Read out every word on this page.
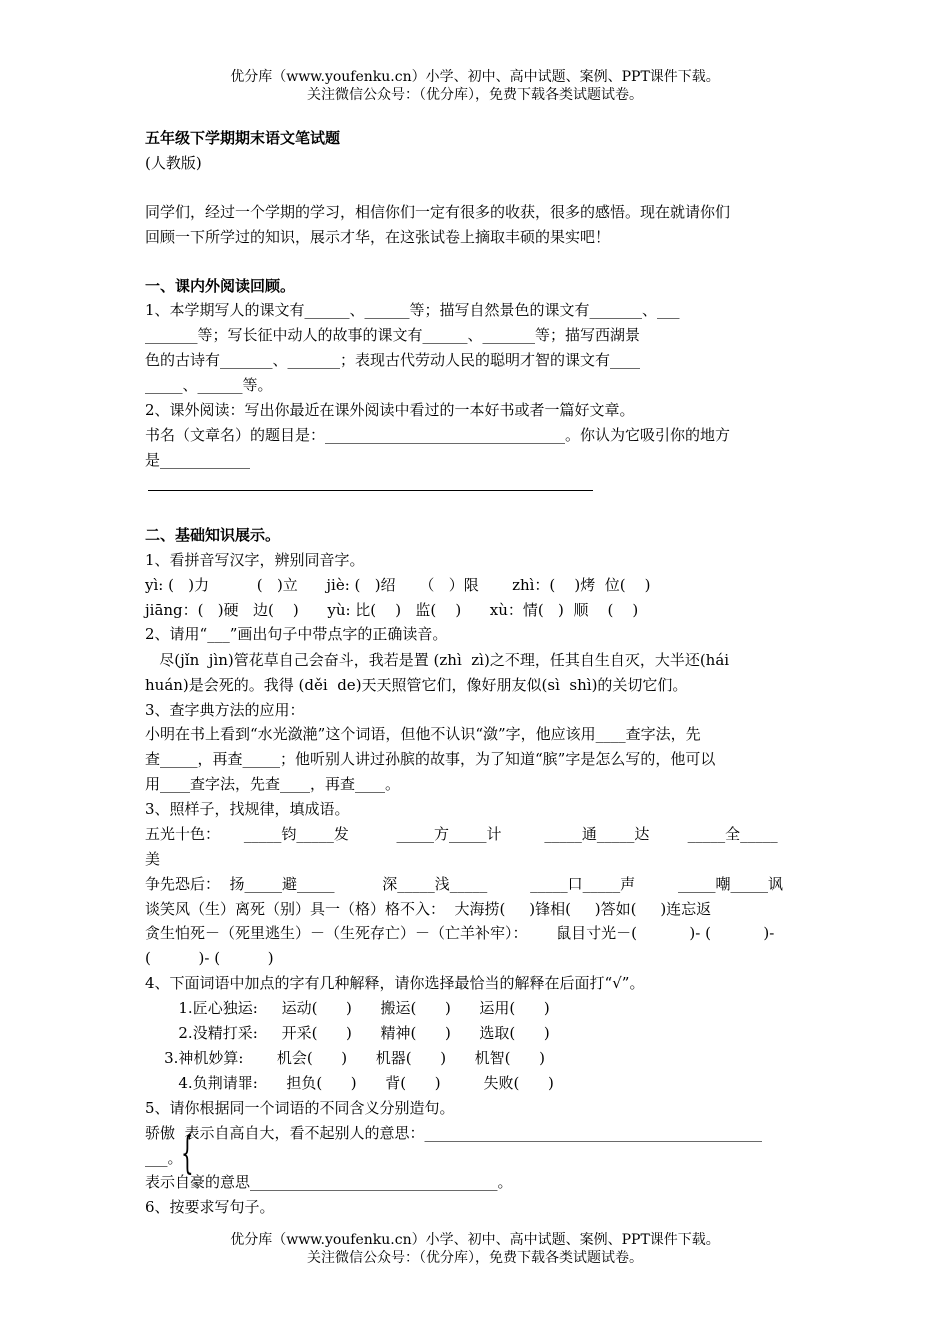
优分库（www.youfenku.cn）小学、初中、高中试题、案例、PPT课件下载。
关注微信公众号：（优分库），免费下载各类试题试卷。
五年级下学期期末语文笔试题
(人教版)
同学们，经过一个学期的学习，相信你们一定有很多的收获，很多的感悟。现在就请你们
回顾一下所学过的知识，展示才华，在这张试卷上摘取丰硕的果实吧！
一、课内外阅读回顾。
1、本学期写人的课文有______、______等；描写自然景色的课文有_______、___
_______等；写长征中动人的故事的课文有______、_______等；描写西湖景
色的古诗有_______、_______；表现古代劳动人民的聪明才智的课文有____
_____、______等。
2、课外阅读：写出你最近在课外阅读中看过的一本好书或者一篇好文章。
书名（文章名）的题目是：________________________________。你认为它吸引你的地方
是____________
二、基础知识展示。
1、看拼音写汉字，辨别同音字。
yì: (   )力          (   )立      jiè: (   )绍     （   ）限       zhì：(    )烤  位(    )
jiāng：(   )硬   边(    )      yù: 比(    )   监(    )      xù：情(   )  顺    (    )
2、请用“___”画出句子中带点字的正确读音。
尽(jǐn  jìn)管花草自己会奋斗，我若是置 (zhì  zì)之不理，任其自生自灭，大半还(hái
huán)是会死的。我得 (děi  de)天天照管它们，像好朋友似(sì  shì)的关切它们。
3、查字典方法的应用：
小明在书上看到“水光潋滟”这个词语，但他不认识“潋”字，他应该用____查字法，先
查_____，再查_____；他听别人讲过孙膑的故事，为了知道“膑”字是怎么写的，他可以
用____查字法，先查____，再查____。
3、照样子，找规律，填成语。
五光十色：     _____钧_____发          _____方_____计         _____通_____达        _____全_____
美
争先恐后：  扬_____避_____          深_____浅_____         _____口_____声         _____嘲_____讽
谈笑风（生）离死（别）具一（格）格不入：  大海捞(     )锋相(     )答如(     )连忘返
贪生怕死－（死里逃生）－（生死存亡）－（亡羊补牢）：      鼠目寸光－(           )- (           )-
(          )- (          )
4、下面词语中加点的字有几种解释，请你选择最恰当的解释在后面打“√”。
1.匠心独运:     运动(      )      搬运(      )      运用(      )
2.没精打采:     开采(      )      精神(      )      选取(      )
3.神机妙算:       机会(      )      机器(      )      机智(      )
4.负荆请罪:      担负(      )      背(      )         失败(      )
5、请你根据同一个词语的不同含义分别造句。
骄傲  表示自高自大，看不起别人的意思：_____________________________________________
___。
{
表示自豪的意思_________________________________。
6、按要求写句子。
优分库（www.youfenku.cn）小学、初中、高中试题、案例、PPT课件下载。
关注微信公众号：（优分库），免费下载各类试题试卷。
